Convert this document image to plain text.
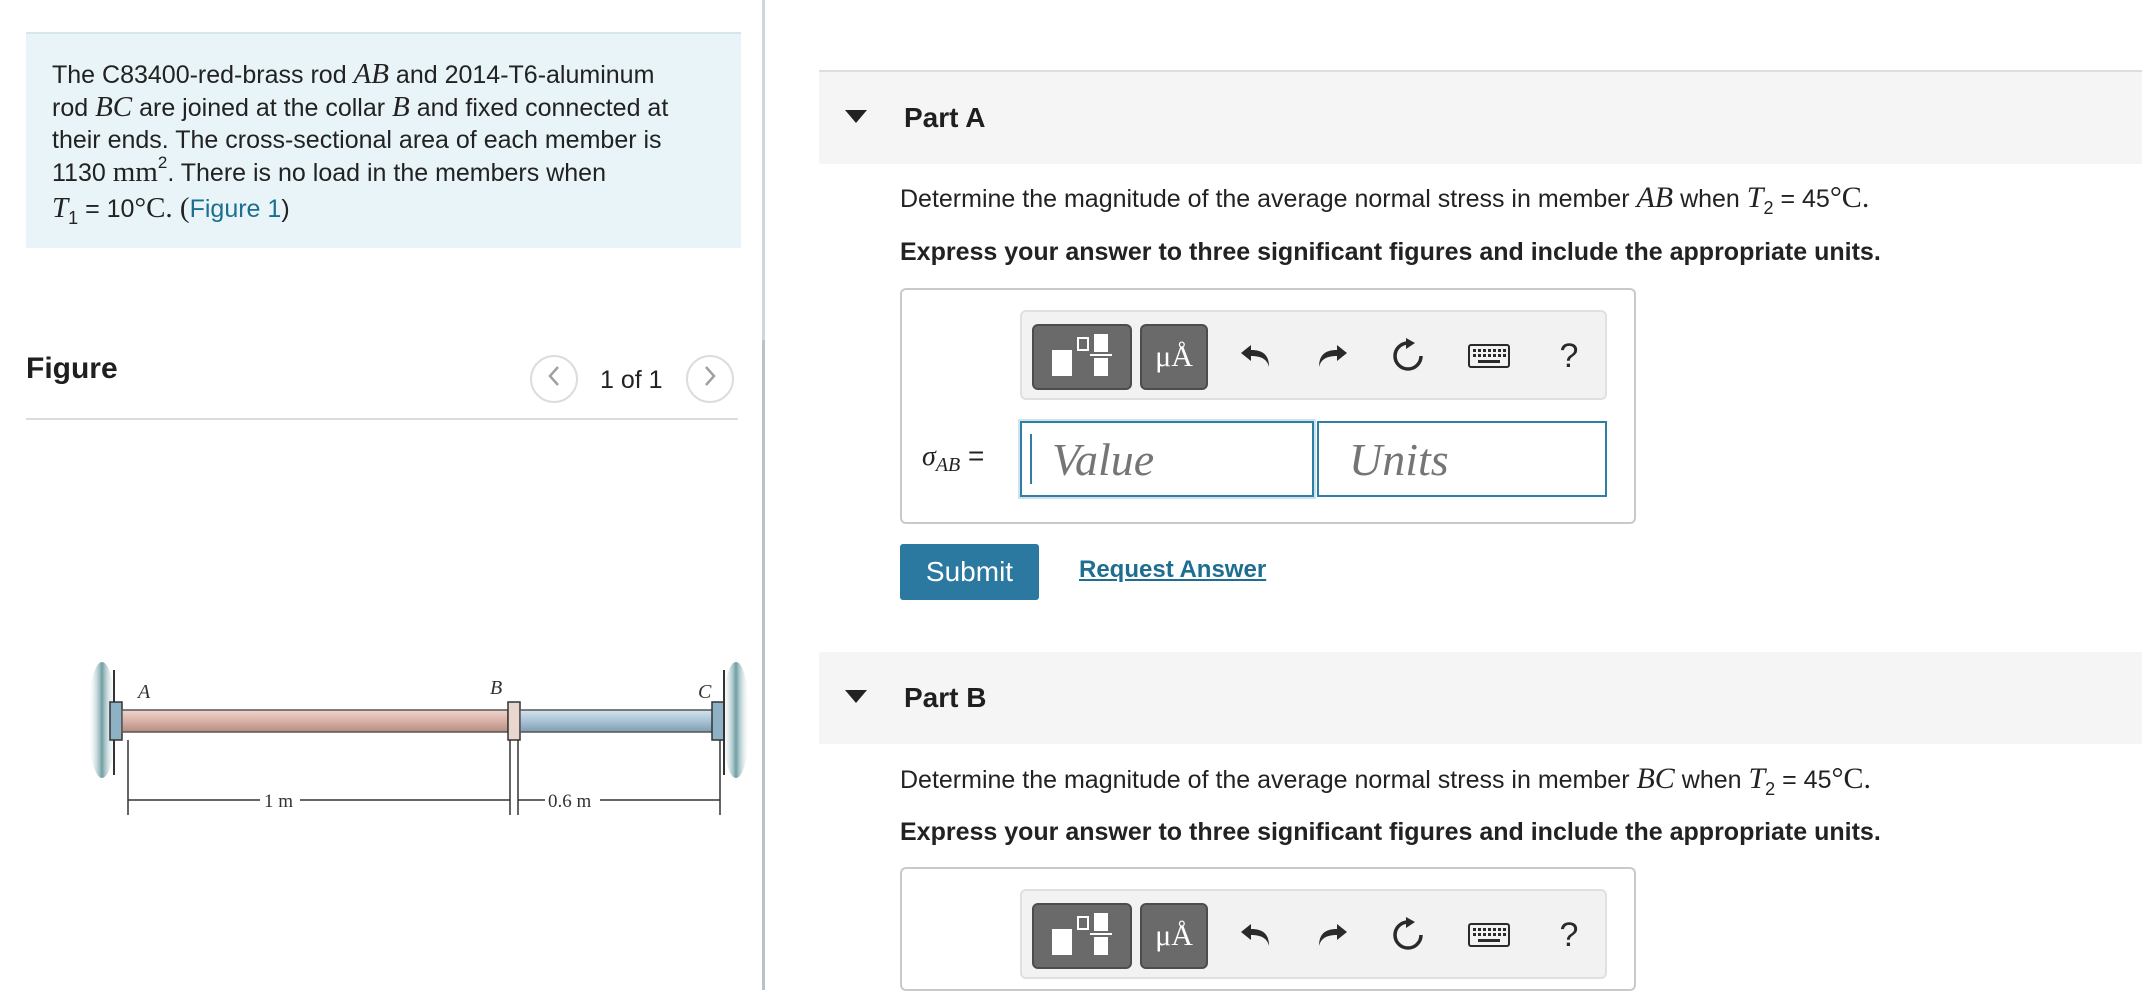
The C83400-red-brass rod AB and 2014-T6-aluminum
rod BC are joined at the collar B and fixed connected at
their ends. The cross-sectional area of each member is
1130 $mm^2$. There is no load in the members when
$T_1 = 10^\circ C$. (Figure 1)
Figure	1 of 1
A	B	C
1 m	0.6 m
Part A
Determine the magnitude of the average normal stress in member AB when $T_2 = 45^\circ C$.
Express your answer to three significant figures and include the appropriate units.
μÅ	?
$\sigma_{AB}$ =
Value
Units
Submit	Request Answer
Part B
Determine the magnitude of the average normal stress in member BC when $T_2 = 45^\circ C$.
Express your answer to three significant figures and include the appropriate units.
μÅ	?
